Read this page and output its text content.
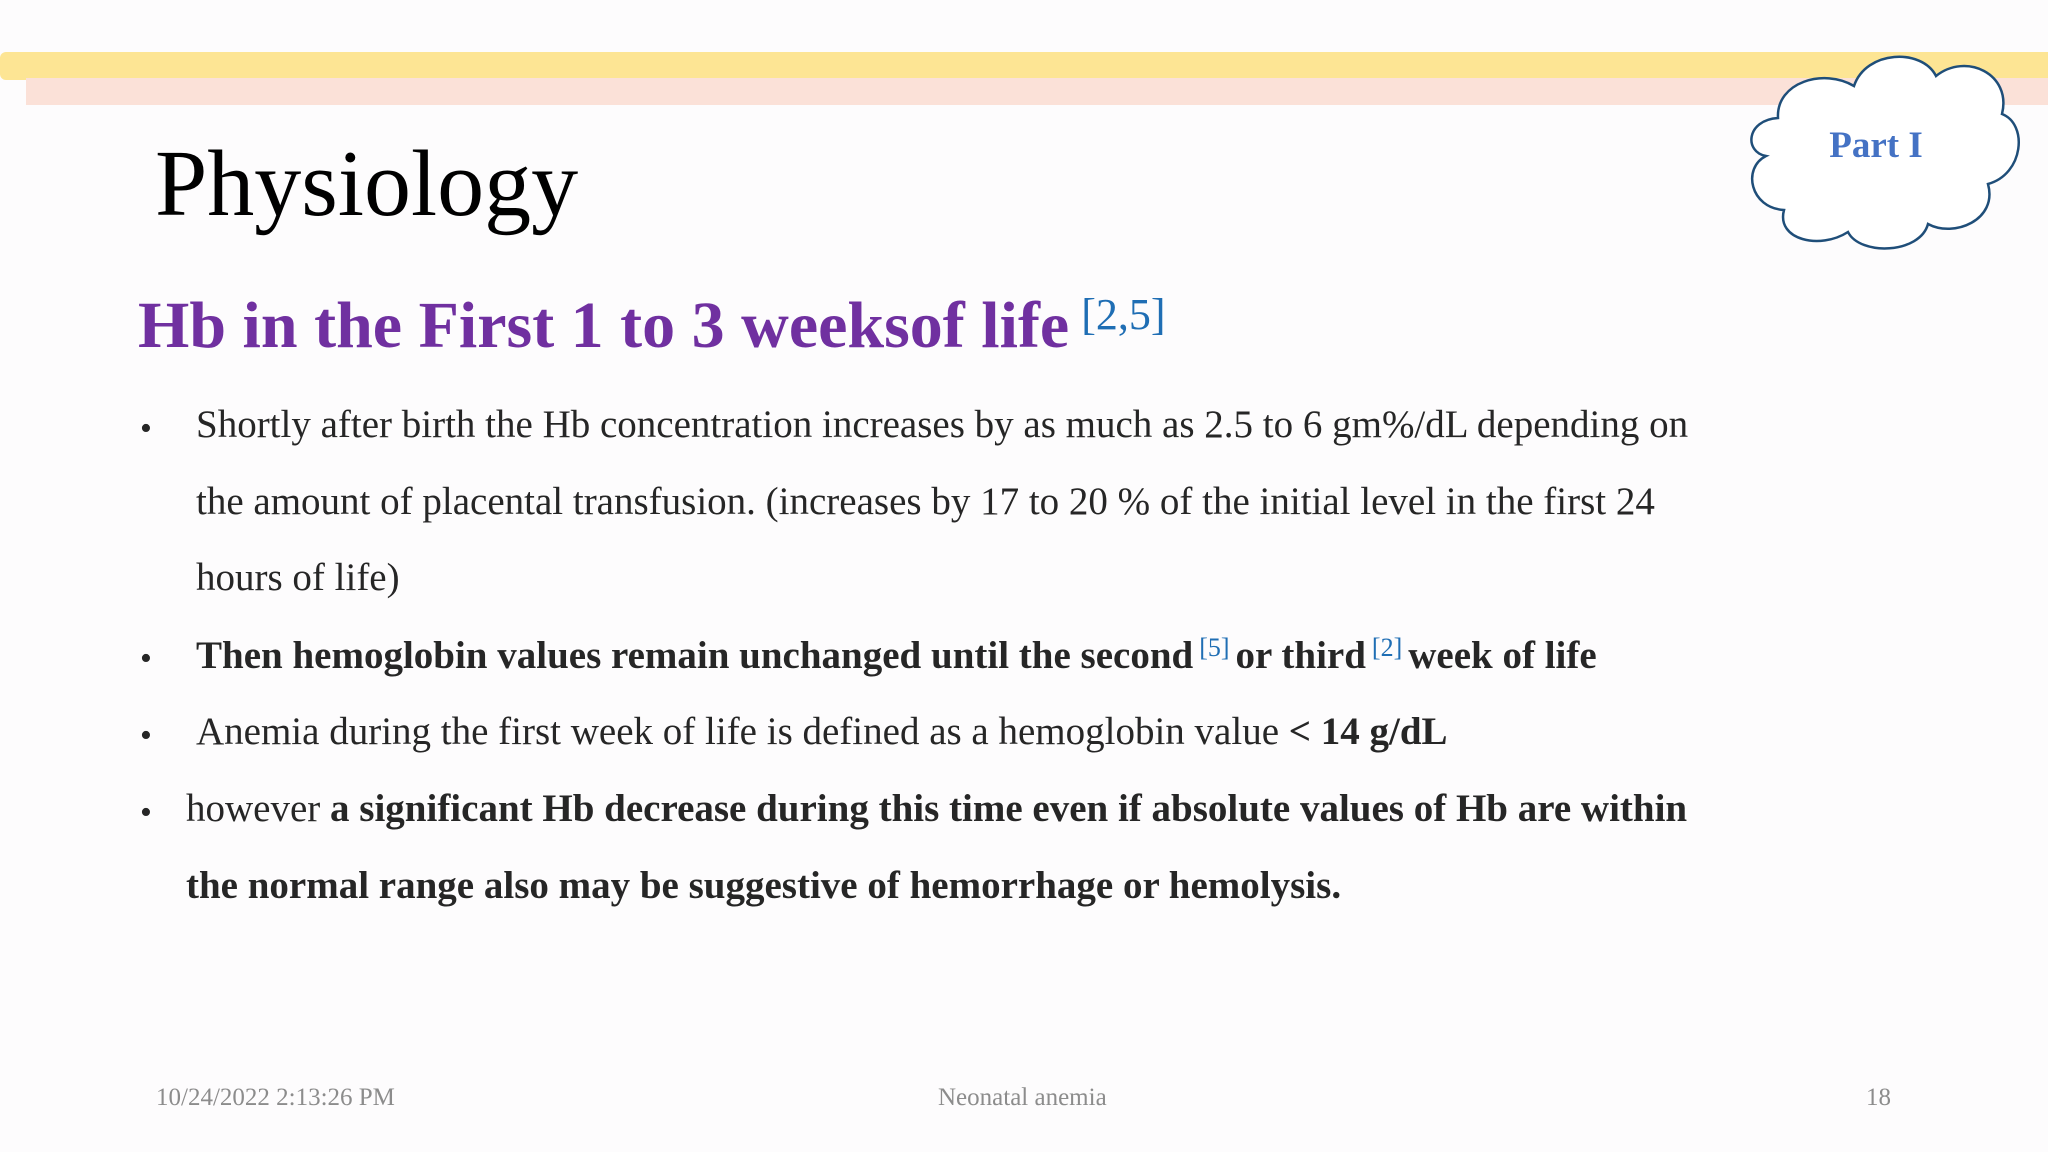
Part I
Physiology
Hb in the First 1 to 3 weeksof life [2,5]
• Shortly after birth the Hb concentration increases by as much as 2.5 to 6 gm%/dL depending on
the amount of placental transfusion. (increases by 17 to 20 % of the initial level in the first 24
hours of life)
• Then hemoglobin values remain unchanged until the second [5] or third [2] week of life
• Anemia during the first week of life is defined as a hemoglobin value < 14 g/dL
• however a significant Hb decrease during this time even if absolute values of Hb are within
the normal range also may be suggestive of hemorrhage or hemolysis.
10/24/2022 2:13:26 PM	Neonatal anemia	18
